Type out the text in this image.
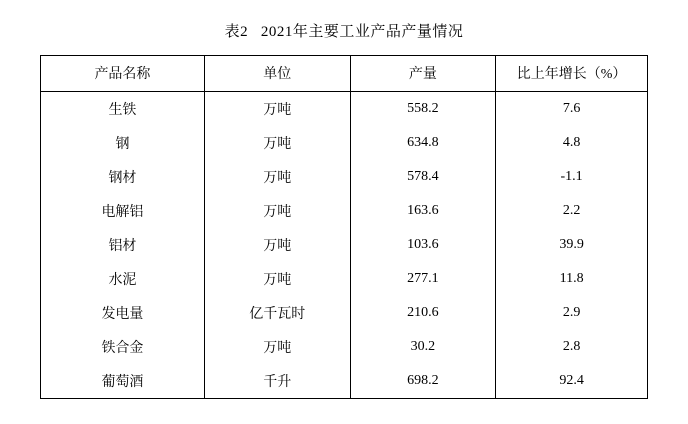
表2   2021年主要工业产品产量情况
产品名称	单位	产量	比上年增长（%）
生铁	万吨	558.2	7.6
钢	万吨	634.8	4.8
钢材	万吨	578.4	-1.1
电解铝	万吨	163.6	2.2
铝材	万吨	103.6	39.9
水泥	万吨	277.1	11.8
发电量	亿千瓦时	210.6	2.9
铁合金	万吨	30.2	2.8
葡萄酒	千升	698.2	92.4
